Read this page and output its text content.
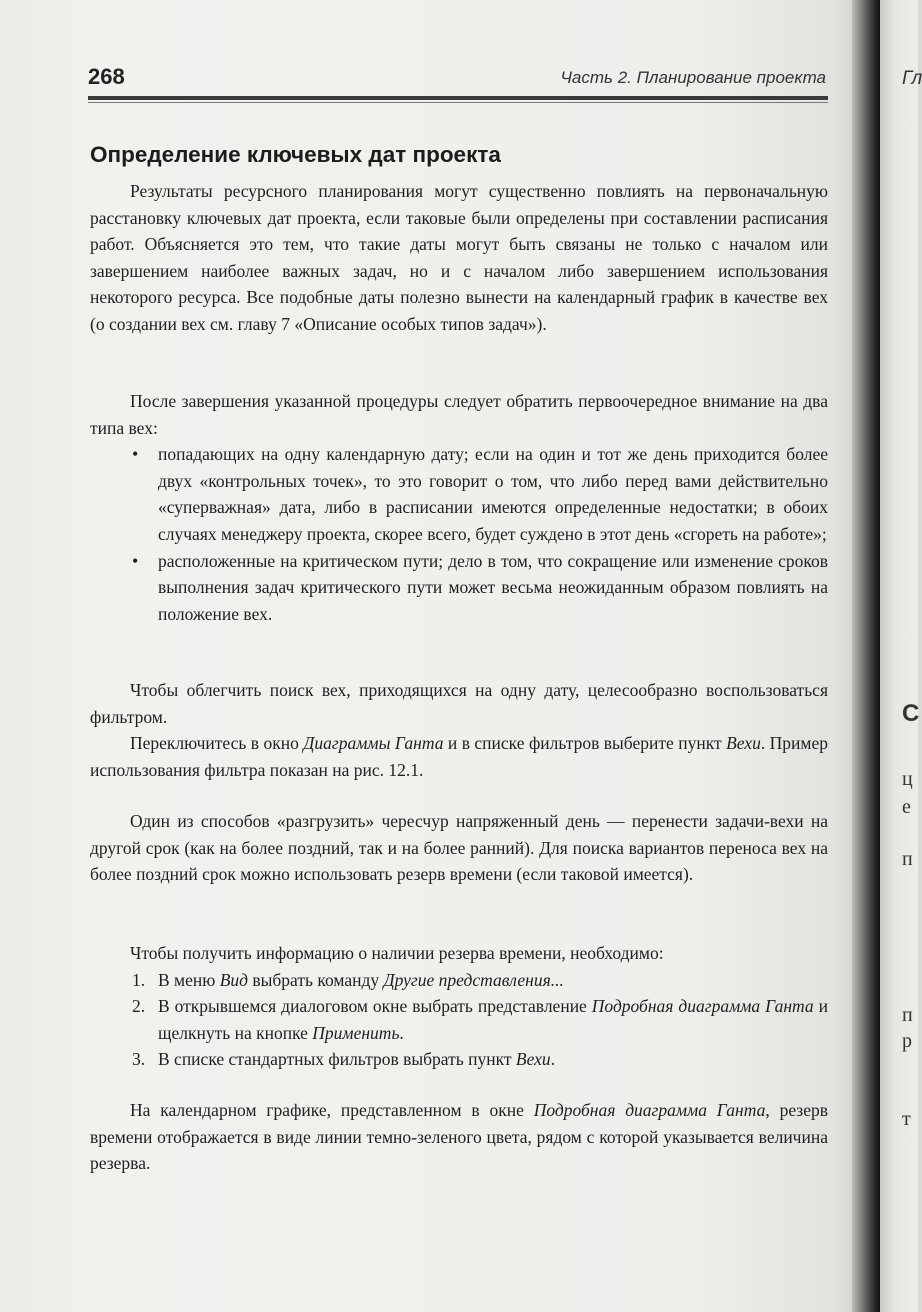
268	Часть 2. Планирование проекта
Определение ключевых дат проекта

Результаты ресурсного планирования могут существенно повлиять на первоначальную расстановку ключевых дат проекта, если таковые были определены при составлении расписания работ. Объясняется это тем, что такие даты могут быть связаны не только с началом или завершением наиболее важных задач, но и с началом либо завершением использования некоторого ресурса. Все подобные даты полезно вынести на календарный график в качестве вех (о создании вех см. главу 7 «Описание особых типов задач»).

После завершения указанной процедуры следует обратить первоочередное внимание на два типа вех:

• попадающих на одну календарную дату; если на один и тот же день приходится более двух «контрольных точек», то это говорит о том, что либо перед вами действительно «суперважная» дата, либо в расписании имеются определенные недостатки; в обоих случаях менеджеру проекта, скорее всего, будет суждено в этот день «сгореть на работе»;
• расположенные на критическом пути; дело в том, что сокращение или изменение сроков выполнения задач критического пути может весьма неожиданным образом повлиять на положение вех.

Чтобы облегчить поиск вех, приходящихся на одну дату, целесообразно воспользоваться фильтром.

Переключитесь в окно Диаграммы Ганта и в списке фильтров выберите пункт Вехи. Пример использования фильтра показан на рис. 12.1.

Один из способов «разгрузить» чересчур напряженный день — перенести задачи-вехи на другой срок (как на более поздний, так и на более ранний). Для поиска вариантов переноса вех на более поздний срок можно использовать резерв времени (если таковой имеется).

Чтобы получить информацию о наличии резерва времени, необходимо:

1. В меню Вид выбрать команду Другие представления...
2. В открывшемся диалоговом окне выбрать представление Подробная диаграмма Ганта и щелкнуть на кнопке Применить.
3. В списке стандартных фильтров выбрать пункт Вехи.

На календарном графике, представленном в окне Подробная диаграмма Ганта, резерв времени отображается в виде линии темно-зеленого цвета, рядом с которой указывается величина резерва.

Гл
С
ц
е
п
п
р
т
